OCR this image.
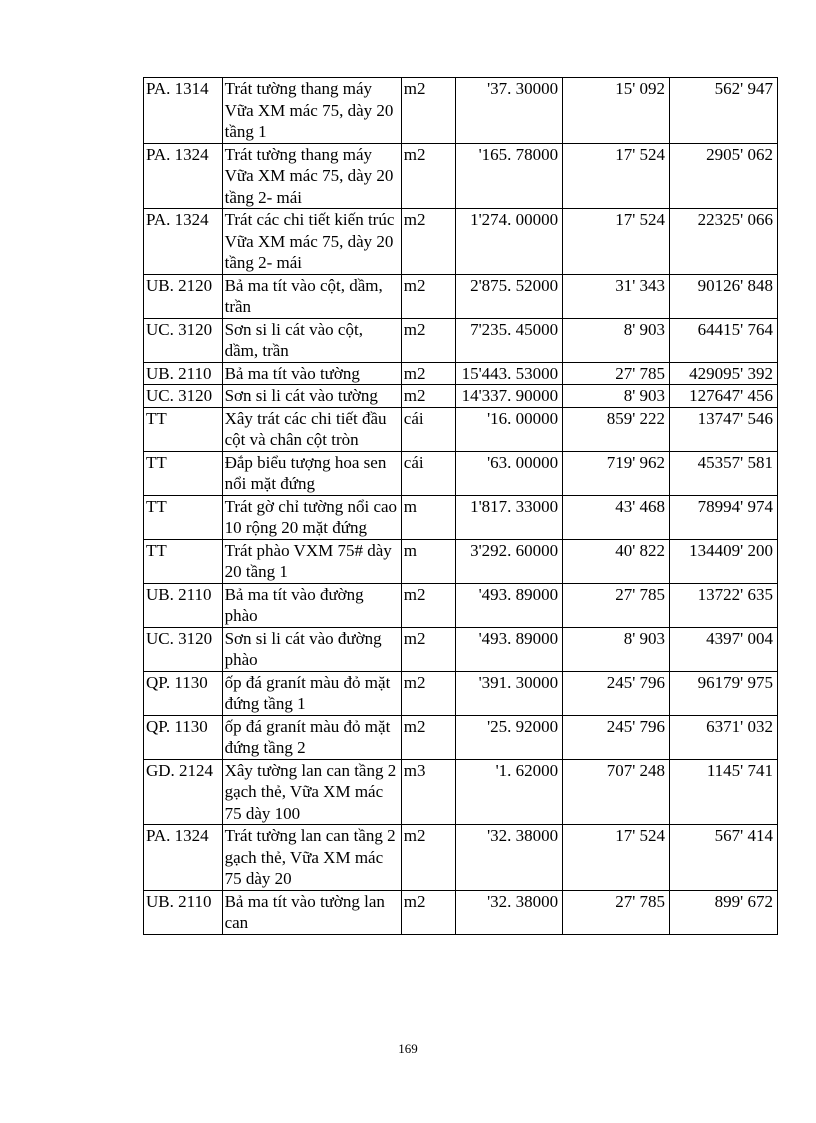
PA. 1314	Trát tường thang máy Vữa XM mác 75, dày 20 tầng 1	m2	'37. 30000	15' 092	562' 947
PA. 1324	Trát tường thang máy Vữa XM mác 75, dày 20 tầng 2- mái	m2	'165. 78000	17' 524	2905' 062
PA. 1324	Trát các chi tiết kiến trúc Vữa XM mác 75, dày 20 tầng 2- mái	m2	1'274. 00000	17' 524	22325' 066
UB. 2120	Bả ma tít vào cột, dầm, trần	m2	2'875. 52000	31' 343	90126' 848
UC. 3120	Sơn si li cát vào cột, dầm, trần	m2	7'235. 45000	8' 903	64415' 764
UB. 2110	Bả ma tít vào tường	m2	15'443. 53000	27' 785	429095' 392
UC. 3120	Sơn si li cát vào tường	m2	14'337. 90000	8' 903	127647' 456
TT	Xây trát các chi tiết đầu cột và chân cột tròn	cái	'16. 00000	859' 222	13747' 546
TT	Đắp biểu tượng hoa sen nổi mặt đứng	cái	'63. 00000	719' 962	45357' 581
TT	Trát gờ chỉ tường nổi cao 10 rộng 20 mặt đứng	m	1'817. 33000	43' 468	78994' 974
TT	Trát phào VXM 75# dày 20 tầng 1	m	3'292. 60000	40' 822	134409' 200
UB. 2110	Bả ma tít vào đường phào	m2	'493. 89000	27' 785	13722' 635
UC. 3120	Sơn si li cát vào đường phào	m2	'493. 89000	8' 903	4397' 004
QP. 1130	ốp đá granít màu đỏ mặt đứng tầng 1	m2	'391. 30000	245' 796	96179' 975
QP. 1130	ốp đá granít màu đỏ mặt đứng tầng 2	m2	'25. 92000	245' 796	6371' 032
GD. 2124	Xây tường lan can tầng 2 gạch thẻ, Vữa XM mác 75 dày 100	m3	'1. 62000	707' 248	1145' 741
PA. 1324	Trát tường lan can tầng 2 gạch thẻ, Vữa XM mác 75 dày 20	m2	'32. 38000	17' 524	567' 414
UB. 2110	Bả ma tít vào tường lan can	m2	'32. 38000	27' 785	899' 672
169
